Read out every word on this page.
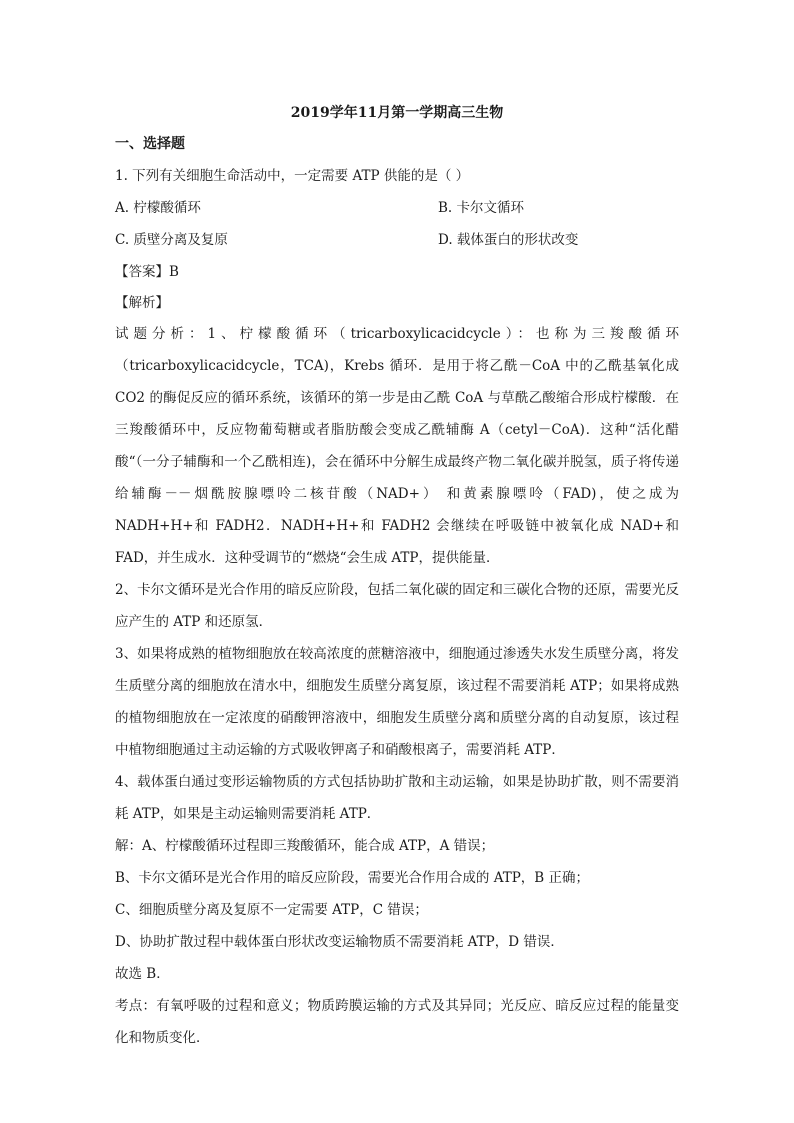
2019学年11月第一学期高三生物
一、选择题
1. 下列有关细胞生命活动中，一定需要 ATP 供能的是（ ）
A. 柠檬酸循环	B. 卡尔文循环
C. 质壁分离及复原	D. 载体蛋白的形状改变
【答案】B
【解析】

试题分析：1、柠檬酸循环（tricarboxylicacidcycle）：也称为三羧酸循环（tricarboxylicacidcycle，TCA)，Krebs 循环．是用于将乙酰－CoA 中的乙酰基氧化成 CO2 的酶促反应的循环系统，该循环的第一步是由乙酰 CoA 与草酰乙酸缩合形成柠檬酸．在三羧酸循环中，反应物葡萄糖或者脂肪酸会变成乙酰辅酶 A（cetyl－CoA)．这种“活化醋酸“（一分子辅酶和一个乙酰相连)，会在循环中分解生成最终产物二氧化碳并脱氢，质子将传递给辅酶－－烟酰胺腺嘌呤二核苷酸（NAD+） 和黄素腺嘌呤（FAD)，使之成为 NADH+H+和 FADH2．NADH+H+和 FADH2 会继续在呼吸链中被氧化成 NAD+和 FAD，并生成水．这种受调节的“燃烧“会生成 ATP，提供能量．

2、卡尔文循环是光合作用的暗反应阶段，包括二氧化碳的固定和三碳化合物的还原，需要光反应产生的 ATP 和还原氢．

3、如果将成熟的植物细胞放在较高浓度的蔗糖溶液中，细胞通过渗透失水发生质壁分离，将发生质壁分离的细胞放在清水中，细胞发生质壁分离复原，该过程不需要消耗 ATP；如果将成熟的植物细胞放在一定浓度的硝酸钾溶液中，细胞发生质壁分离和质壁分离的自动复原，该过程中植物细胞通过主动运输的方式吸收钾离子和硝酸根离子，需要消耗 ATP．

4、载体蛋白通过变形运输物质的方式包括协助扩散和主动运输，如果是协助扩散，则不需要消耗 ATP，如果是主动运输则需要消耗 ATP．

解：A、柠檬酸循环过程即三羧酸循环，能合成 ATP，A 错误；

B、卡尔文循环是光合作用的暗反应阶段，需要光合作用合成的 ATP，B 正确；

C、细胞质壁分离及复原不一定需要 ATP，C 错误；

D、协助扩散过程中载体蛋白形状改变运输物质不需要消耗 ATP，D 错误．

故选 B．

考点：有氧呼吸的过程和意义；物质跨膜运输的方式及其异同；光反应、暗反应过程的能量变化和物质变化．
